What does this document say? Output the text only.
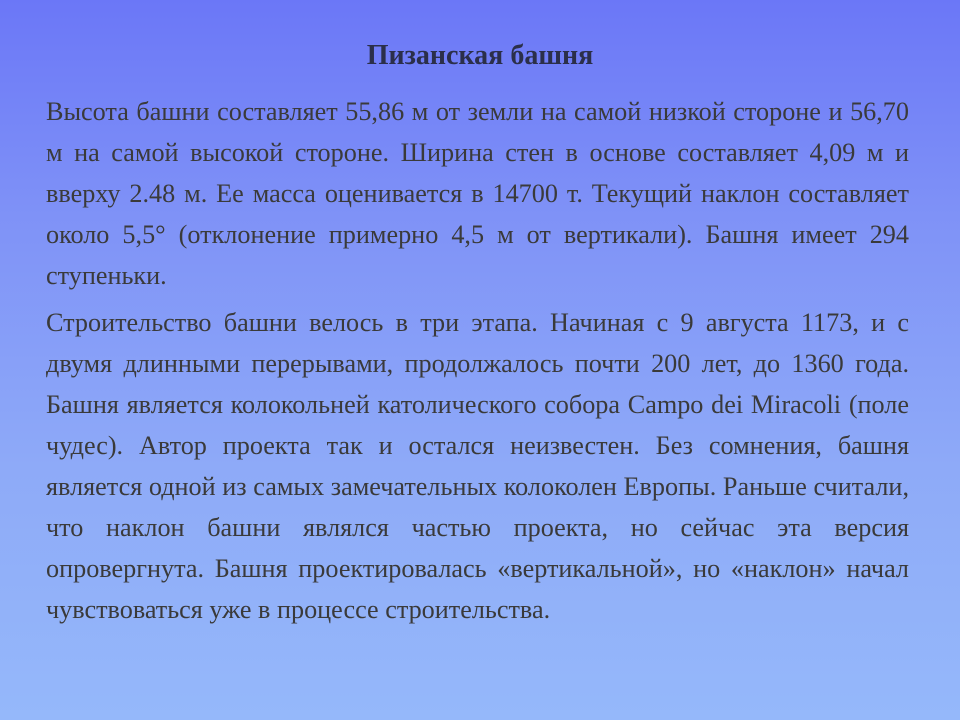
Пизанская башня

Высота башни составляет 55,86 м от земли на самой низкой стороне и 56,70 м на самой высокой стороне. Ширина стен в основе составляет 4,09 м и вверху 2.48 м. Ее масса оценивается в 14700 т. Текущий наклон составляет около 5,5° (отклонение примерно 4,5 м от вертикали). Башня имеет 294 ступеньки.

Строительство башни велось в три этапа. Начиная с 9 августа 1173, и с двумя длинными перерывами, продолжалось почти 200 лет, до 1360 года. Башня является колокольней католического собора Campo dei Miracoli (поле чудес). Автор проекта так и остался неизвестен. Без сомнения, башня является одной из самых замечательных колоколен Европы. Раньше считали, что наклон башни являлся частью проекта, но сейчас эта версия опровергнута. Башня проектировалась «вертикальной», но «наклон» начал чувствоваться уже в процессе строительства.
